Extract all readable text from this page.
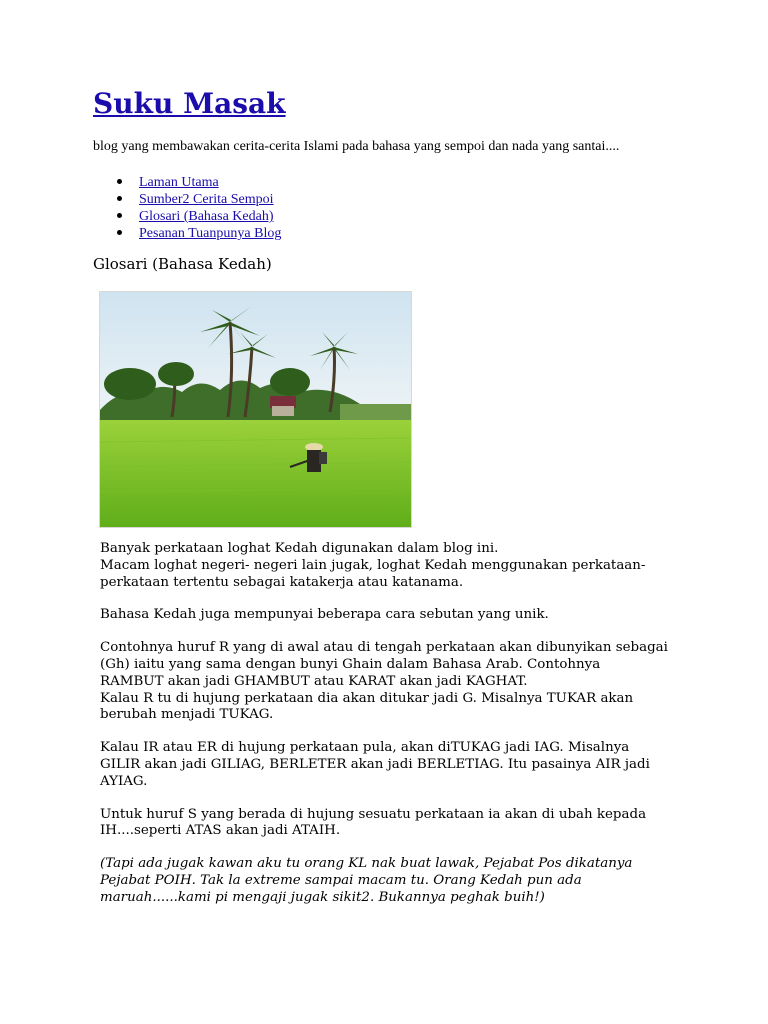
Suku Masak

blog yang membawakan cerita-cerita Islami pada bahasa yang sempoi dan nada yang santai....

Laman Utama
Sumber2 Cerita Sempoi
Glosari (Bahasa Kedah)
Pesanan Tuanpunya Blog
Glosari (Bahasa Kedah)

Banyak perkataan loghat Kedah digunakan dalam blog ini.
Macam loghat negeri- negeri lain jugak, loghat Kedah menggunakan perkataan-
perkataan tertentu sebagai katakerja atau katanama.

Bahasa Kedah juga mempunyai beberapa cara sebutan yang unik.

Contohnya huruf R yang di awal atau di tengah perkataan akan dibunyikan sebagai
(Gh) iaitu yang sama dengan bunyi Ghain dalam Bahasa Arab. Contohnya
RAMBUT akan jadi GHAMBUT atau KARAT akan jadi KAGHAT.
Kalau R tu di hujung perkataan dia akan ditukar jadi G. Misalnya TUKAR akan
berubah menjadi TUKAG.

Kalau IR atau ER di hujung perkataan pula, akan diTUKAG jadi IAG. Misalnya
GILIR akan jadi GILIAG, BERLETER akan jadi BERLETIAG. Itu pasainya AIR jadi
AYIAG.

Untuk huruf S yang berada di hujung sesuatu perkataan ia akan di ubah kepada
IH....seperti ATAS akan jadi ATAIH.

(Tapi ada jugak kawan aku tu orang KL nak buat lawak, Pejabat Pos dikatanya
Pejabat POIH. Tak la extreme sampai macam tu. Orang Kedah pun ada
maruah......kami pi mengaji jugak sikit2. Bukannya peghak buih!)
